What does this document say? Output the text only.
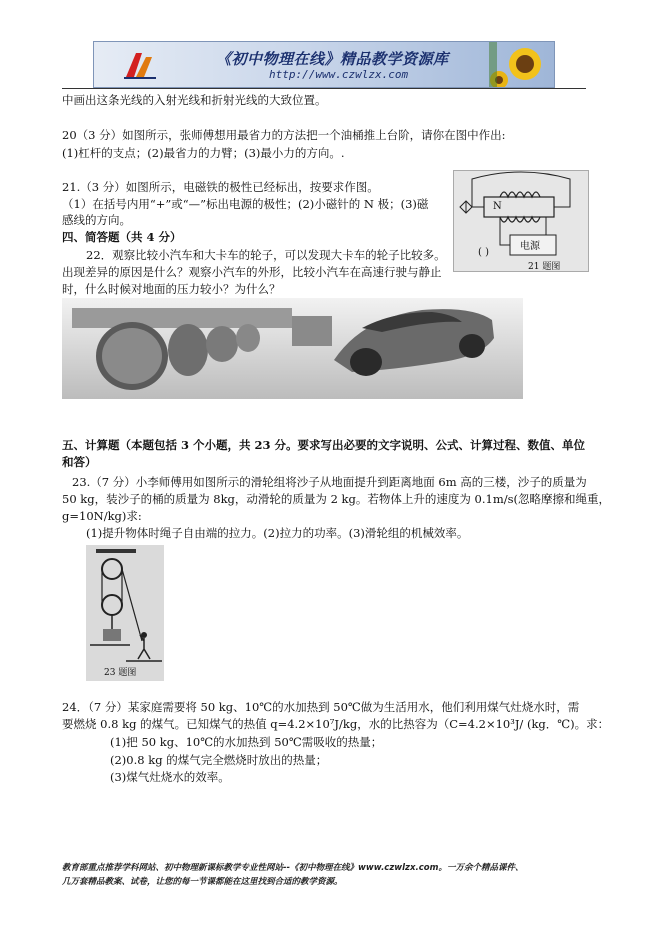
《初中物理在线》精品教学资源库
http://www.czwlzx.com
中画出这条光线的入射光线和折射光线的大致位置。
20（3 分）如图所示，张师傅想用最省力的方法把一个油桶推上台阶，请你在图中作出:
(1)杠杆的支点；(2)最省力的力臂；(3)最小力的方向。.
21.（3 分）如图所示，电磁铁的极性已经标出，按要求作图。
（1）在括号内用“+”或“—”标出电源的极性；(2)小磁针的 N 极；(3)磁
感线的方向。
四、简答题（共 4 分）
22．观察比较小汽车和大卡车的轮子，可以发现大卡车的轮子比较多。
出现差异的原因是什么？观察小汽车的外形，比较小汽车在高速行驶与静止
时，什么时候对地面的压力较小？为什么？
N
电源
( )
21 题图
五、计算题（本题包括 3 个小题，共 23 分。要求写出必要的文字说明、公式、计算过程、数值、单位
和答）
23.（7 分）小李师傅用如图所示的滑轮组将沙子从地面提升到距离地面 6m 高的三楼，沙子的质量为
50 kg，装沙子的桶的质量为 8kg，动滑轮的质量为 2 kg。若物体上升的速度为 0.1m/s(忽略摩擦和绳重，
g=10N/kg)求:
(1)提升物体时绳子自由端的拉力。(2)拉力的功率。(3)滑轮组的机械效率。
23 题图
24．（7 分）某家庭需要将 50 kg、10℃的水加热到 50℃做为生活用水，他们利用煤气灶烧水时，需
要燃烧 0.8 kg 的煤气。已知煤气的热值 q=4.2×10⁷J/kg，水的比热容为（C=4.2×10³J/ (kg．℃)。求：
(1)把 50 kg、10℃的水加热到 50℃需吸收的热量；
(2)0.8 kg 的煤气完全燃烧时放出的热量；
(3)煤气灶烧水的效率。
教育部重点推荐学科网站、初中物理新课标教学专业性网站--《初中物理在线》www.czwlzx.com。一万余个精品课件、
几万套精品教案、试卷，让您的每一节课都能在这里找到合适的教学资源。
